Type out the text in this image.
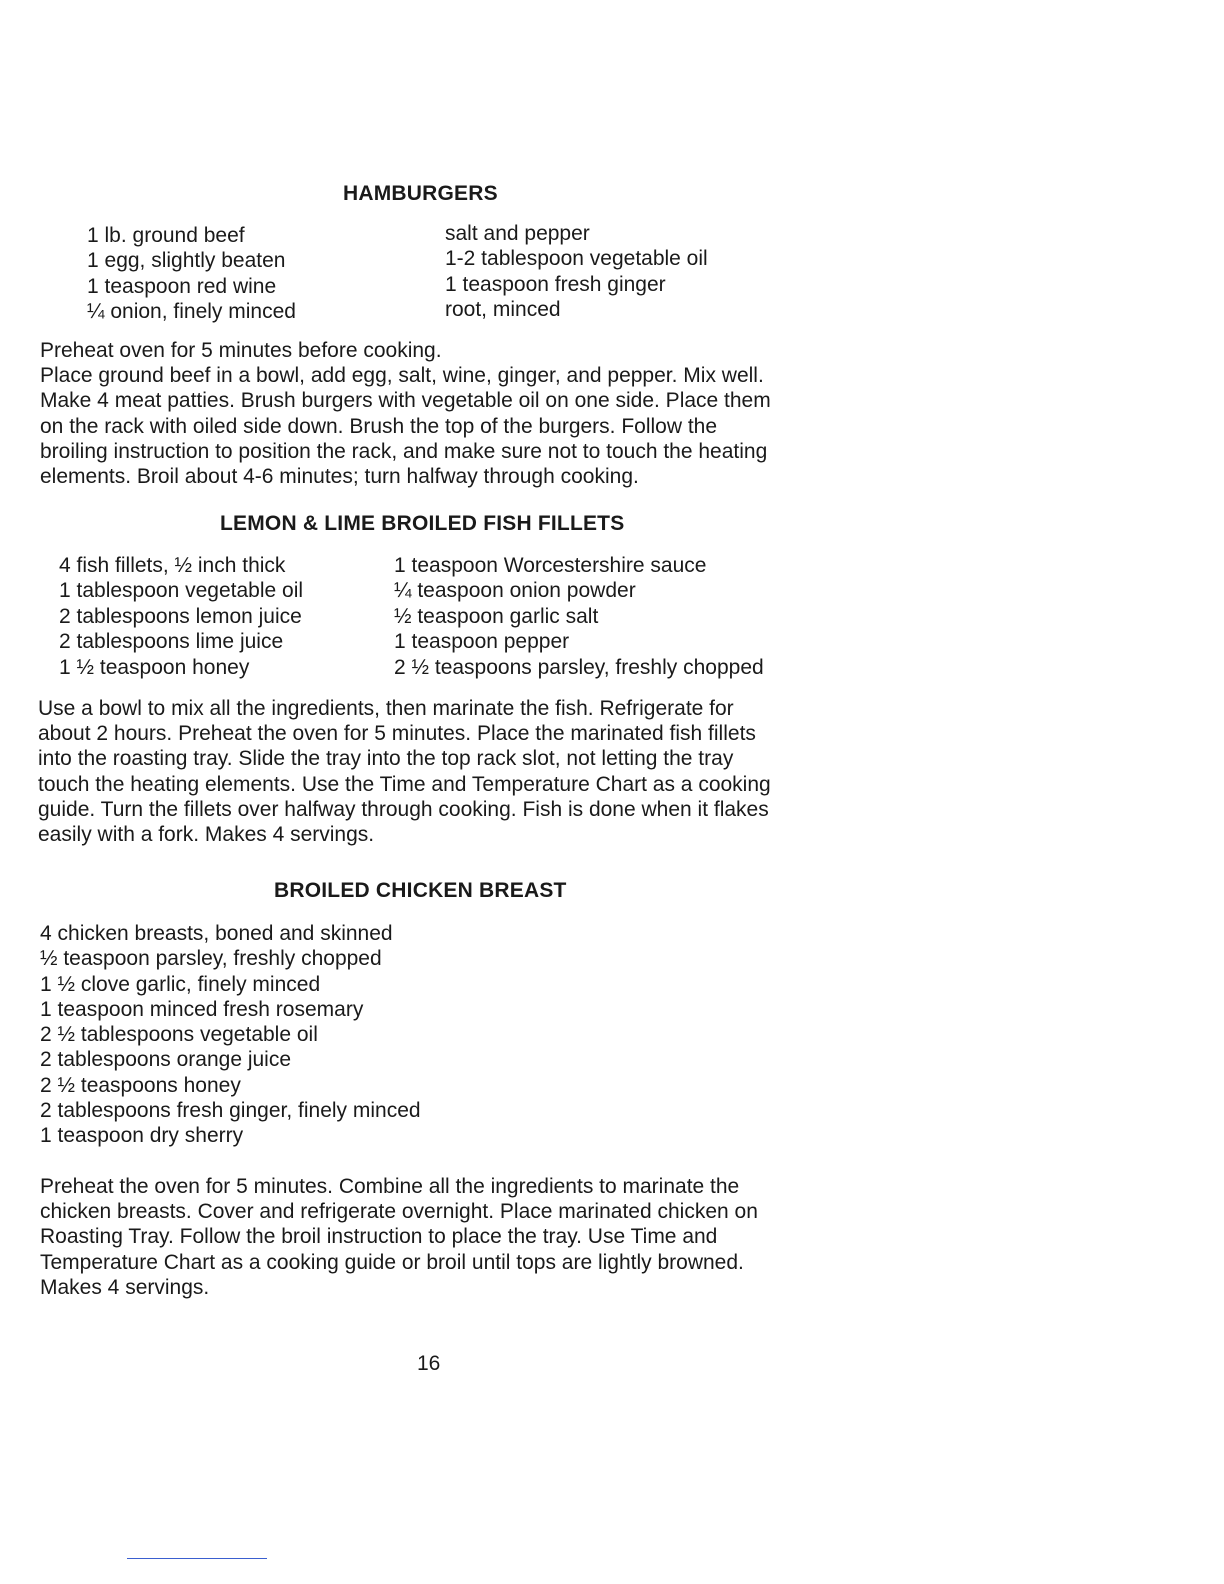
HAMBURGERS
1 lb. ground beef
1 egg, slightly beaten
1 teaspoon red wine
¼ onion, finely minced
salt and pepper
1-2 tablespoon vegetable oil
1 teaspoon fresh ginger
root, minced
Preheat oven for 5 minutes before cooking.
Place ground beef in a bowl, add egg, salt, wine, ginger, and pepper. Mix well.
Make 4 meat patties. Brush burgers with vegetable oil on one side. Place them
on the rack with oiled side down. Brush the top of the burgers. Follow the
broiling instruction to position the rack, and make sure not to touch the heating
elements. Broil about 4-6 minutes; turn halfway through cooking.
LEMON & LIME BROILED FISH FILLETS
4 fish fillets, ½ inch thick
1 tablespoon vegetable oil
2 tablespoons lemon juice
2 tablespoons lime juice
1 ½ teaspoon honey
1 teaspoon Worcestershire sauce
¼ teaspoon onion powder
½ teaspoon garlic salt
1 teaspoon pepper
2 ½ teaspoons parsley, freshly chopped
Use a bowl to mix all the ingredients, then marinate the fish. Refrigerate for
about 2 hours. Preheat the oven for 5 minutes. Place the marinated fish fillets
into the roasting tray. Slide the tray into the top rack slot, not letting the tray
touch the heating elements. Use the Time and Temperature Chart as a cooking
guide. Turn the fillets over halfway through cooking. Fish is done when it flakes
easily with a fork. Makes 4 servings.
BROILED CHICKEN BREAST
4 chicken breasts, boned and skinned
½ teaspoon parsley, freshly chopped
1 ½ clove garlic, finely minced
1 teaspoon minced fresh rosemary
2 ½ tablespoons vegetable oil
2 tablespoons orange juice
2 ½ teaspoons honey
2 tablespoons fresh ginger, finely minced
1 teaspoon dry sherry
Preheat the oven for 5 minutes. Combine all the ingredients to marinate the
chicken breasts. Cover and refrigerate overnight. Place marinated chicken on
Roasting Tray. Follow the broil instruction to place the tray. Use Time and
Temperature Chart as a cooking guide or broil until tops are lightly browned.
Makes 4 servings.
16
